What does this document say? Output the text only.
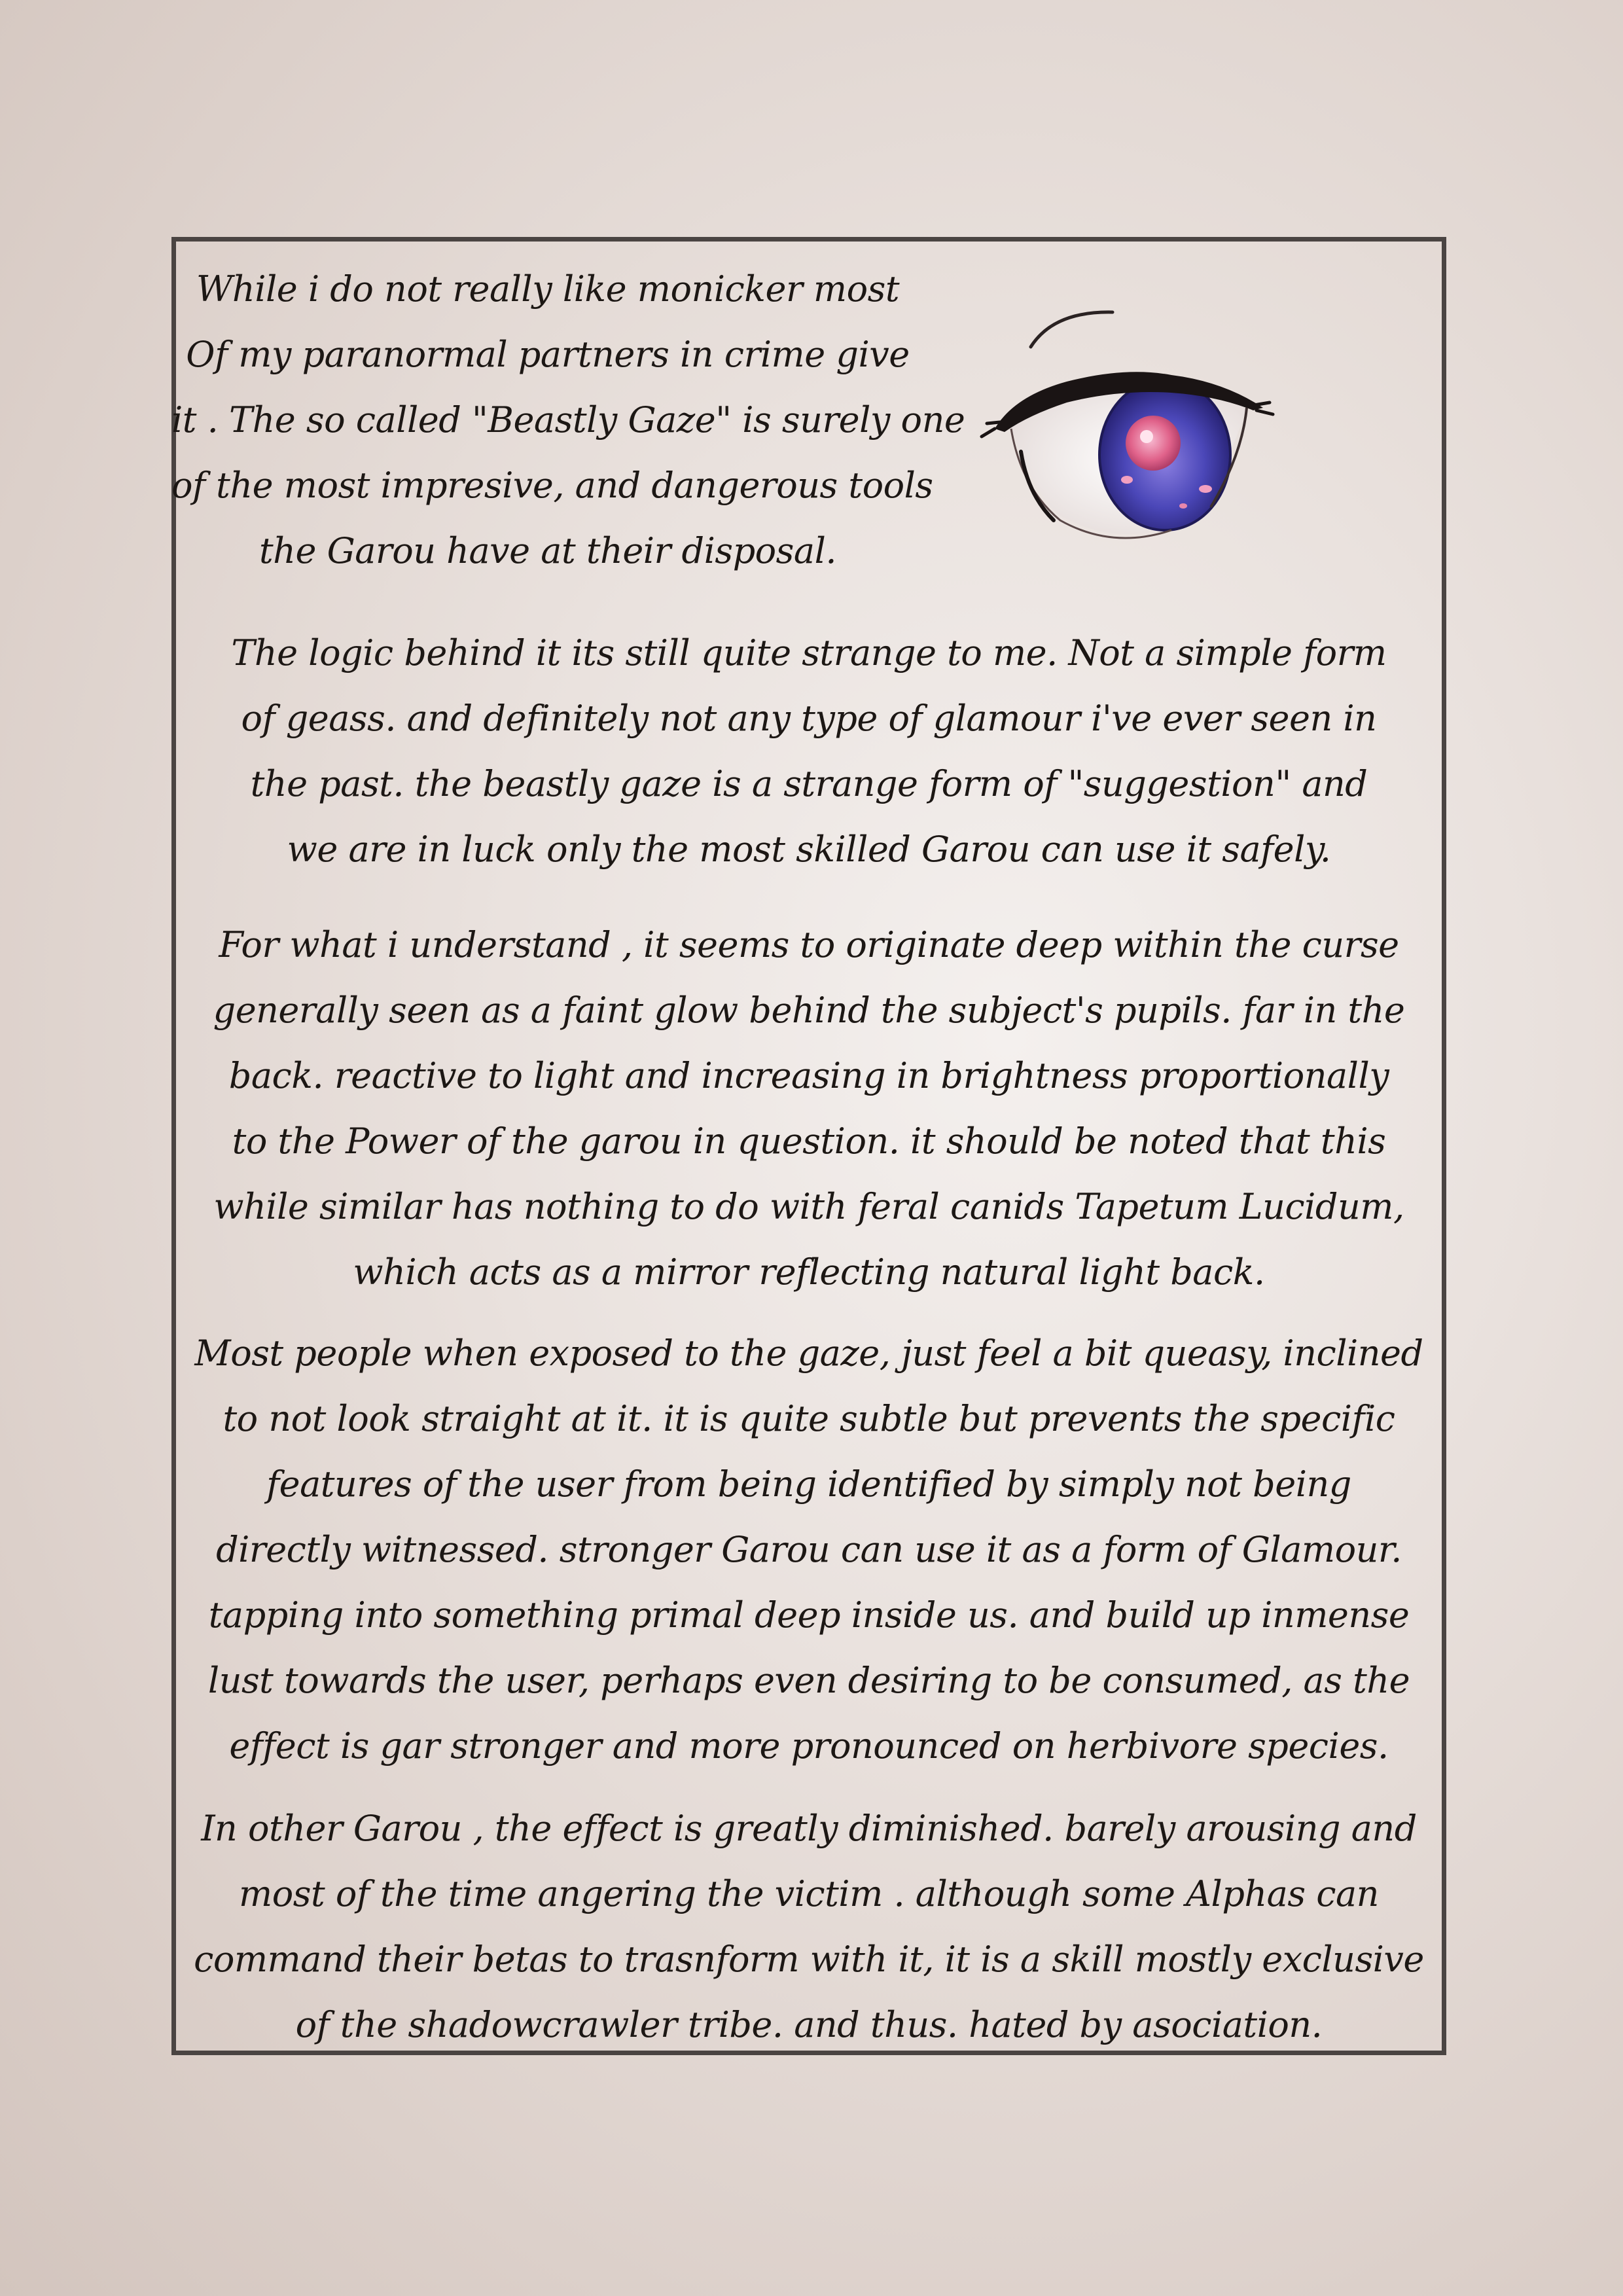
While i do not really like monicker most
Of my paranormal partners in crime give
it . The so called "Beastly Gaze" is surely one
of the most impresive, and dangerous tools
the Garou have at their disposal.
The logic behind it its still quite strange to me. Not a simple form
of geass. and definitely not any type of glamour i've ever seen in
the past. the beastly gaze is a strange form of "suggestion" and
we are in luck only the most skilled Garou can use it safely.
For what i understand , it seems to originate deep within the curse
generally seen as a faint glow behind the subject's pupils. far in the
back. reactive to light and increasing in brightness proportionally
to the Power of the garou in question. it should be noted that this
while similar has nothing to do with feral canids Tapetum Lucidum,
which acts as a mirror reflecting natural light back.
Most people when exposed to the gaze, just feel a bit queasy, inclined
to not look straight at it. it is quite subtle but prevents the specific
features of the user from being identified by simply not being
directly witnessed. stronger Garou can use it as a form of Glamour.
tapping into something primal deep inside us. and build up inmense
lust towards the user, perhaps even desiring to be consumed, as the
effect is gar stronger and more pronounced on herbivore species.
In other Garou , the effect is greatly diminished. barely arousing and
most of the time angering the victim . although some Alphas can
command their betas to trasnform with it, it is a skill mostly exclusive
of the shadowcrawler tribe. and thus. hated by asociation.
